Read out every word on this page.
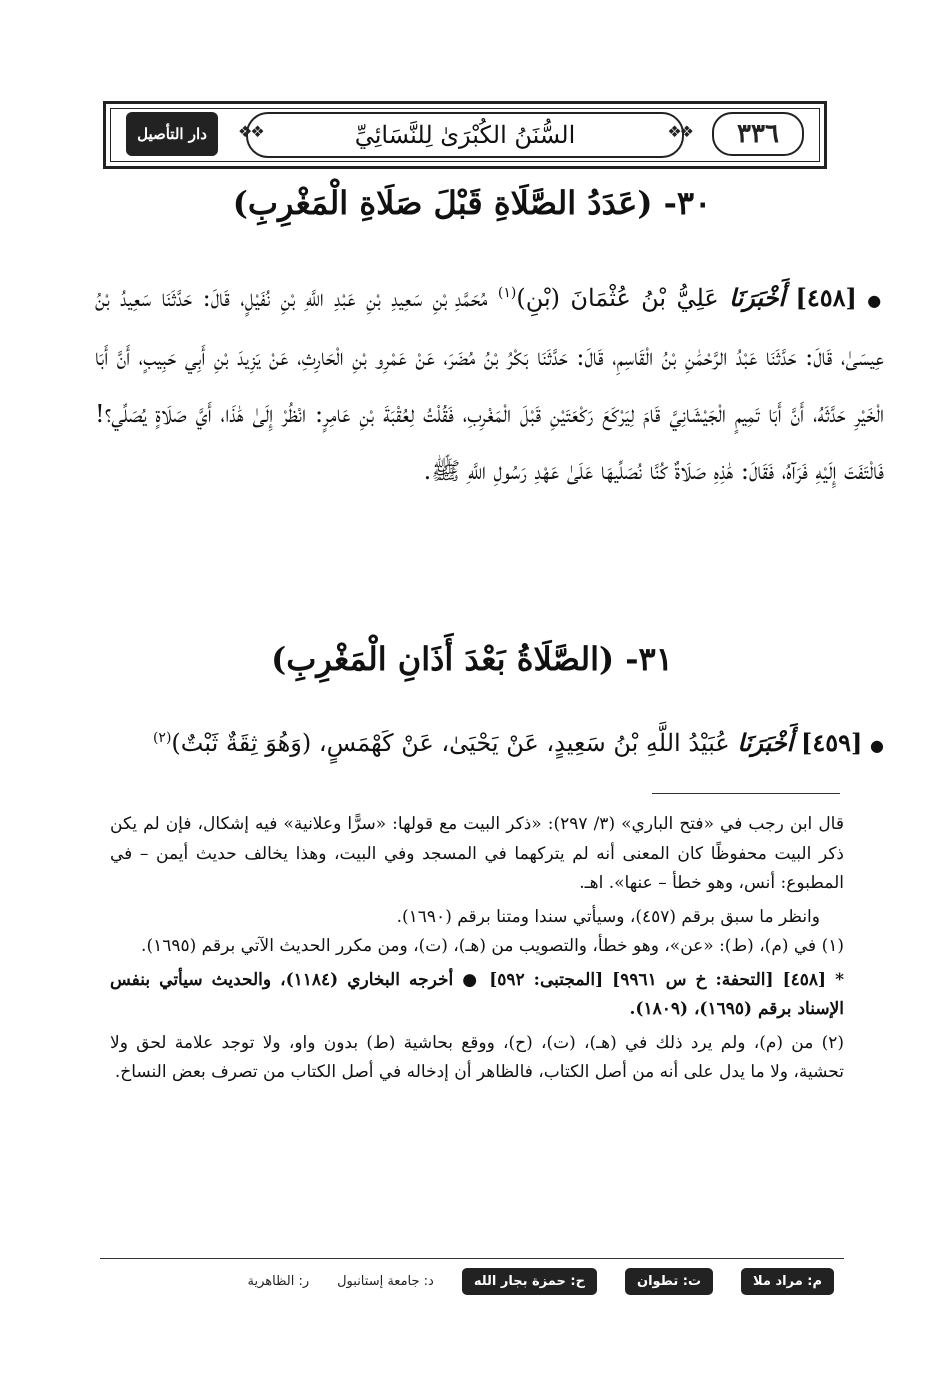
٣٣٦
❖❖
السُّنَنُ الكُبْرَىٰ لِلنَّسَائِيِّ
❖❖
دار التأصيل
٣٠- (عَدَدُ الصَّلَاةِ قَبْلَ صَلَاةِ الْمَغْرِبِ)
● [٤٥٨] أَخْبَرَنَا عَلِيُّ بْنُ عُثْمَانَ (بْنِ)$^{(١)}$ مُحَمَّدِ بْنِ سَعِيدِ بْنِ عَبْدِ اللَّهِ بْنِ نُفَيْلٍ، قَالَ: حَدَّثَنَا سَعِيدُ بْنُ عِيسَىٰ، قَالَ: حَدَّثَنَا عَبْدُ الرَّحْمَٰنِ بْنُ الْقَاسِمِ، قَالَ: حَدَّثَنَا بَكْرُ بْنُ مُضَرَ، عَنْ عَمْرِو بْنِ الْحَارِثِ، عَنْ يَزِيدَ بْنِ أَبِي حَبِيبٍ، أَنَّ أَبَا الْخَيْرِ حَدَّثَهُ، أَنَّ أَبَا تَمِيمٍ الْجَيْشَانِيَّ قَامَ لِيَرْكَعَ رَكْعَتَيْنِ قَبْلَ الْمَغْرِبِ، فَقُلْتُ لِعُقْبَةَ بْنِ عَامِرٍ: انْظُرْ إِلَىٰ هَٰذَا، أَيَّ صَلَاةٍ يُصَلِّي؟! فَالْتَفَتَ إِلَيْهِ فَرَآهُ، فَقَالَ: هَٰذِهِ صَلَاةٌ كُنَّا نُصَلِّيهَا عَلَىٰ عَهْدِ رَسُولِ اللَّهِ ﷺ.
٣١- (الصَّلَاةُ بَعْدَ أَذَانِ الْمَغْرِبِ)
● [٤٥٩] أَخْبَرَنَا عُبَيْدُ اللَّهِ بْنُ سَعِيدٍ، عَنْ يَحْيَىٰ، عَنْ كَهْمَسٍ، (وَهُوَ ثِقَةٌ ثَبْتٌ)$^{(٢)}$

قال ابن رجب في «فتح الباري» (٣/ ٢٩٧): «ذكر البيت مع قولها: «سرًّا وعلانية» فيه إشكال، فإن لم يكن ذكر البيت محفوظًا كان المعنى أنه لم يتركهما في المسجد وفي البيت، وهذا يخالف حديث أيمن – في المطبوع: أنس، وهو خطأ – عنها». اهـ.

وانظر ما سبق برقم (٤٥٧)، وسيأتي سندا ومتنا برقم (١٦٩٠).

(١) في (م)، (ط): «عن»، وهو خطأ، والتصويب من (هـ)، (ت)، ومن مكرر الحديث الآتي برقم (١٦٩٥).

* [٤٥٨] [التحفة: خ س ٩٩٦١] [المجتبى: ٥٩٢] ● أخرجه البخاري (١١٨٤)، والحديث سيأتي بنفس الإسناد برقم (١٦٩٥)، (١٨٠٩).

(٢) من (م)، ولم يرد ذلك في (هـ)، (ت)، (ح)، ووقع بحاشية (ط) بدون واو، ولا توجد علامة لحق ولا تحشية، ولا ما يدل على أنه من أصل الكتاب، فالظاهر أن إدخاله في أصل الكتاب من تصرف بعض النساخ.

م: مراد ملا
ت: تطوان
ح: حمزة بجار الله
د: جامعة إستانبول
ر: الظاهرية
